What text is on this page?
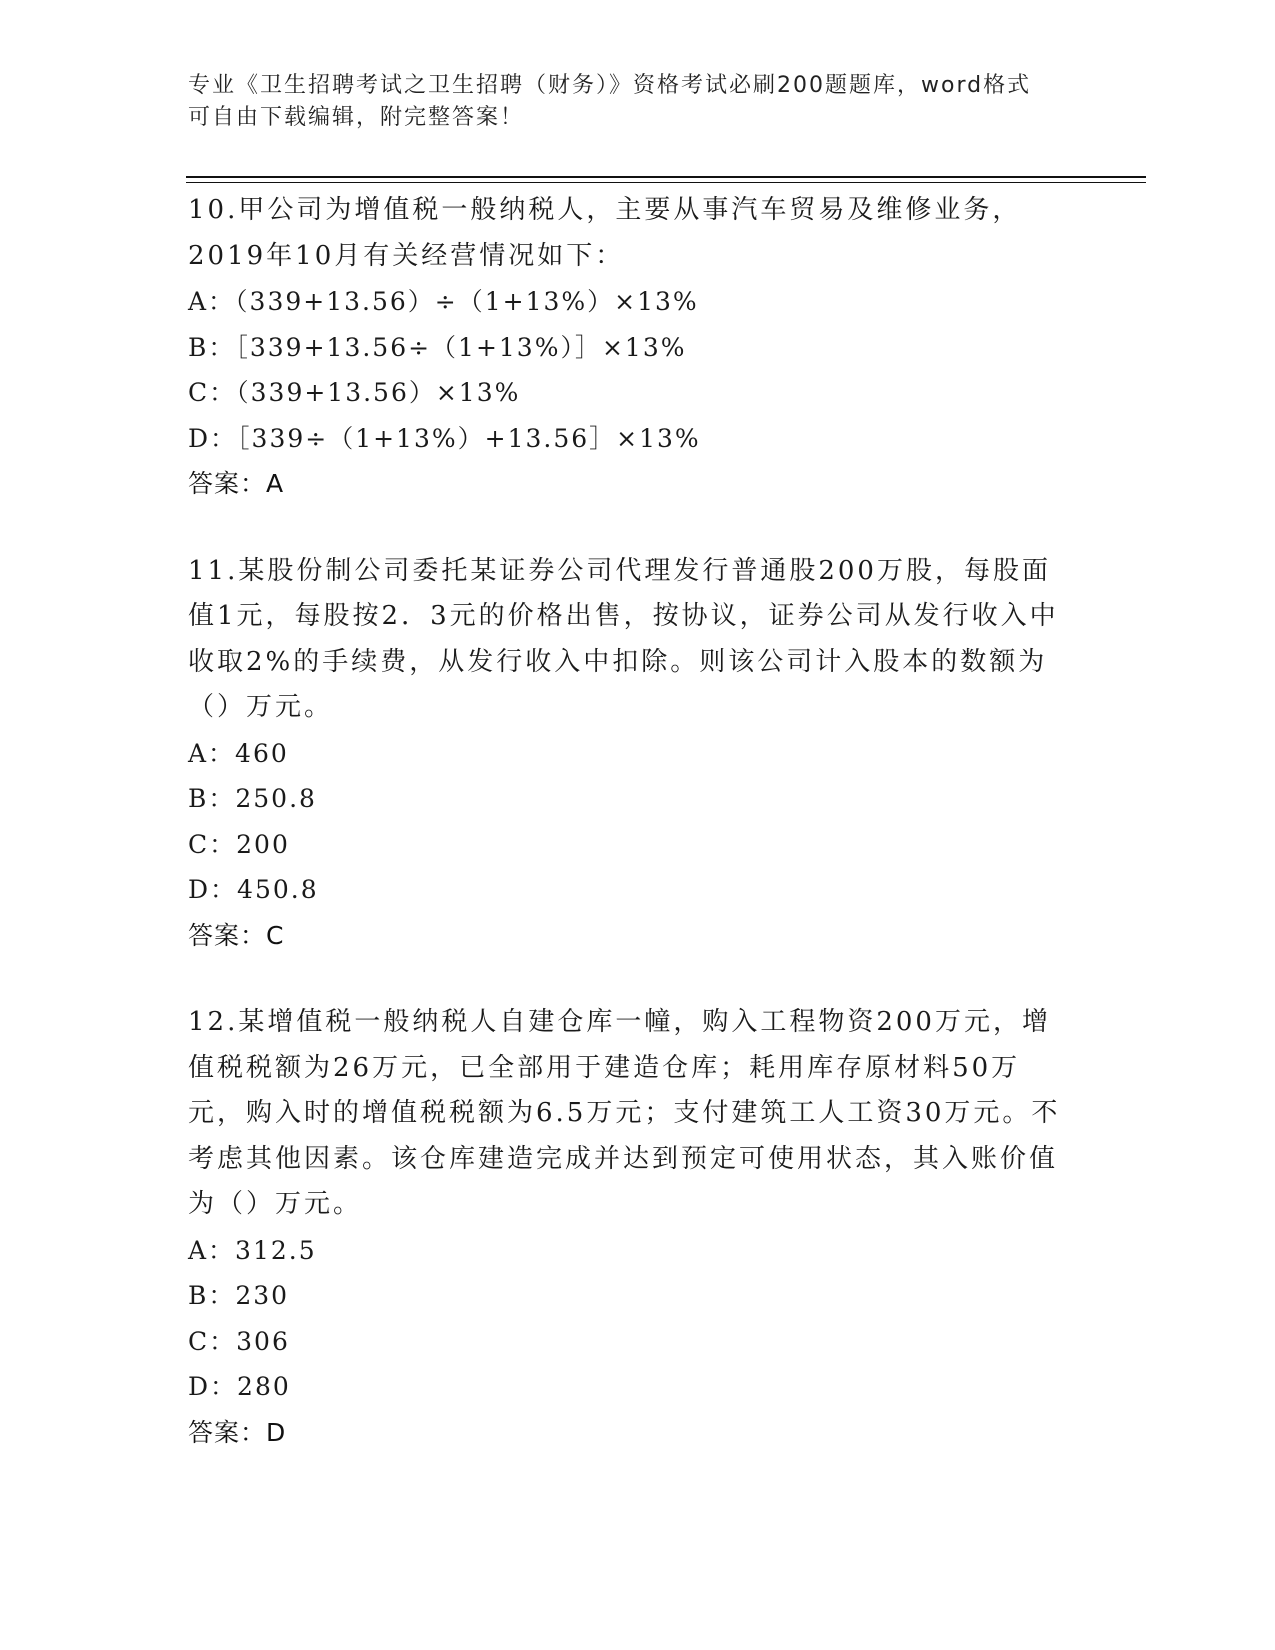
专业《卫生招聘考试之卫生招聘（财务）》资格考试必刷200题题库，word格式
可自由下载编辑，附完整答案！

10.甲公司为增值税一般纳税人，主要从事汽车贸易及维修业务，2019年10月有关经营情况如下：

A：（339+13.56）÷（1+13%）×13%

B：［339+13.56÷（1+13%）］×13%

C：（339+13.56）×13%

D：［339÷（1+13%）+13.56］×13%

答案：A

11.某股份制公司委托某证券公司代理发行普通股200万股，每股面值1元，每股按2．3元的价格出售，按协议，证券公司从发行收入中收取2%的手续费，从发行收入中扣除。则该公司计入股本的数额为（）万元。

A：460

B：250.8

C：200

D：450.8

答案：C

12.某增值税一般纳税人自建仓库一幢，购入工程物资200万元，增值税税额为26万元，已全部用于建造仓库；耗用库存原材料50万元，购入时的增值税税额为6.5万元；支付建筑工人工资30万元。不考虑其他因素。该仓库建造完成并达到预定可使用状态，其入账价值为（）万元。

A：312.5

B：230

C：306

D：280

答案：D
